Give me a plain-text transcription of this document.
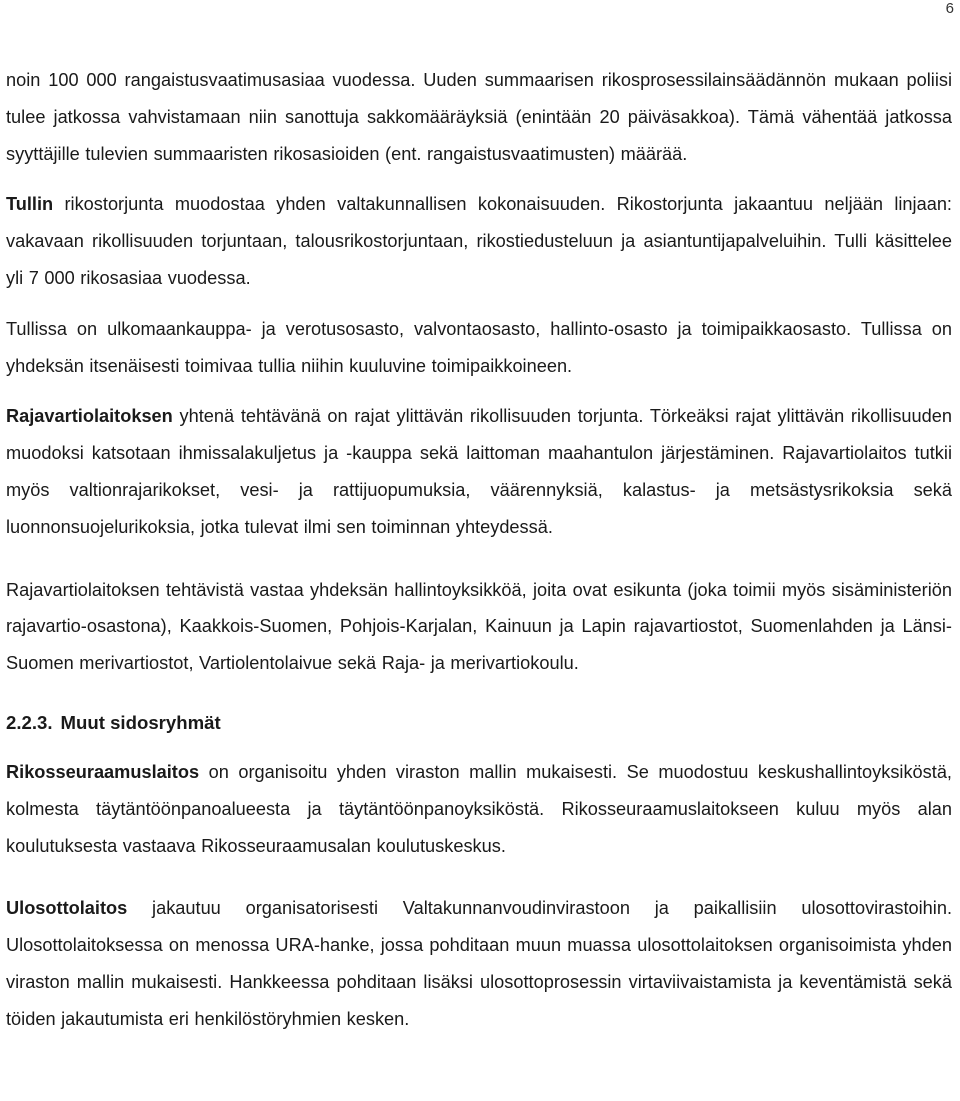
6

noin 100 000 rangaistusvaatimusasiaa vuodessa. Uuden summaarisen rikosprosessilainsäädännön mukaan poliisi tulee jatkossa vahvistamaan niin sanottuja sakkomääräyksiä (enintään 20 päiväsakkoa). Tämä vähentää jatkossa syyttäjille tulevien summaaristen rikosasioiden (ent. rangaistusvaatimusten) määrää.

Tullin rikostorjunta muodostaa yhden valtakunnallisen kokonaisuuden. Rikostorjunta jakaantuu neljään linjaan: vakavaan rikollisuuden torjuntaan, talousrikostorjuntaan, rikostiedusteluun ja asiantuntijapalveluihin. Tulli käsittelee yli 7 000 rikosasiaa vuodessa.

Tullissa on ulkomaankauppa- ja verotusosasto, valvontaosasto, hallinto-osasto ja toimipaikkaosasto. Tullissa on yhdeksän itsenäisesti toimivaa tullia niihin kuuluvine toimipaikkoineen.

Rajavartiolaitoksen yhtenä tehtävänä on rajat ylittävän rikollisuuden torjunta. Törkeäksi rajat ylittävän rikollisuuden muodoksi katsotaan ihmissalakuljetus ja -kauppa sekä laittoman maahantulon järjestäminen. Rajavartiolaitos tutkii myös valtionrajarikokset, vesi- ja rattijuopumuksia, väärennyksiä, kalastus- ja metsästysrikoksia sekä luonnonsuojelurikoksia, jotka tulevat ilmi sen toiminnan yhteydessä.

Rajavartiolaitoksen tehtävistä vastaa yhdeksän hallintoyksikköä, joita ovat esikunta (joka toimii myös sisäministeriön rajavartio-osastona), Kaakkois-Suomen, Pohjois-Karjalan, Kainuun ja Lapin rajavartiostot, Suomenlahden ja Länsi-Suomen merivartiostot, Vartiolentolaivue sekä Raja- ja merivartiokoulu.

2.2.3. Muut sidosryhmät

Rikosseuraamuslaitos on organisoitu yhden viraston mallin mukaisesti. Se muodostuu keskushallintoyksiköstä, kolmesta täytäntöönpanoalueesta ja täytäntöönpanoyksiköstä. Rikosseuraamuslaitokseen kuluu myös alan koulutuksesta vastaava Rikosseuraamusalan koulutuskeskus.

Ulosottolaitos jakautuu organisatorisesti Valtakunnanvoudinvirastoon ja paikallisiin ulosottovirastoihin. Ulosottolaitoksessa on menossa URA-hanke, jossa pohditaan muun muassa ulosottolaitoksen organisoimista yhden viraston mallin mukaisesti. Hankkeessa pohditaan lisäksi ulosottoprosessin virtaviivaistamista ja keventämistä sekä töiden jakautumista eri henkilöstöryhmien kesken.
